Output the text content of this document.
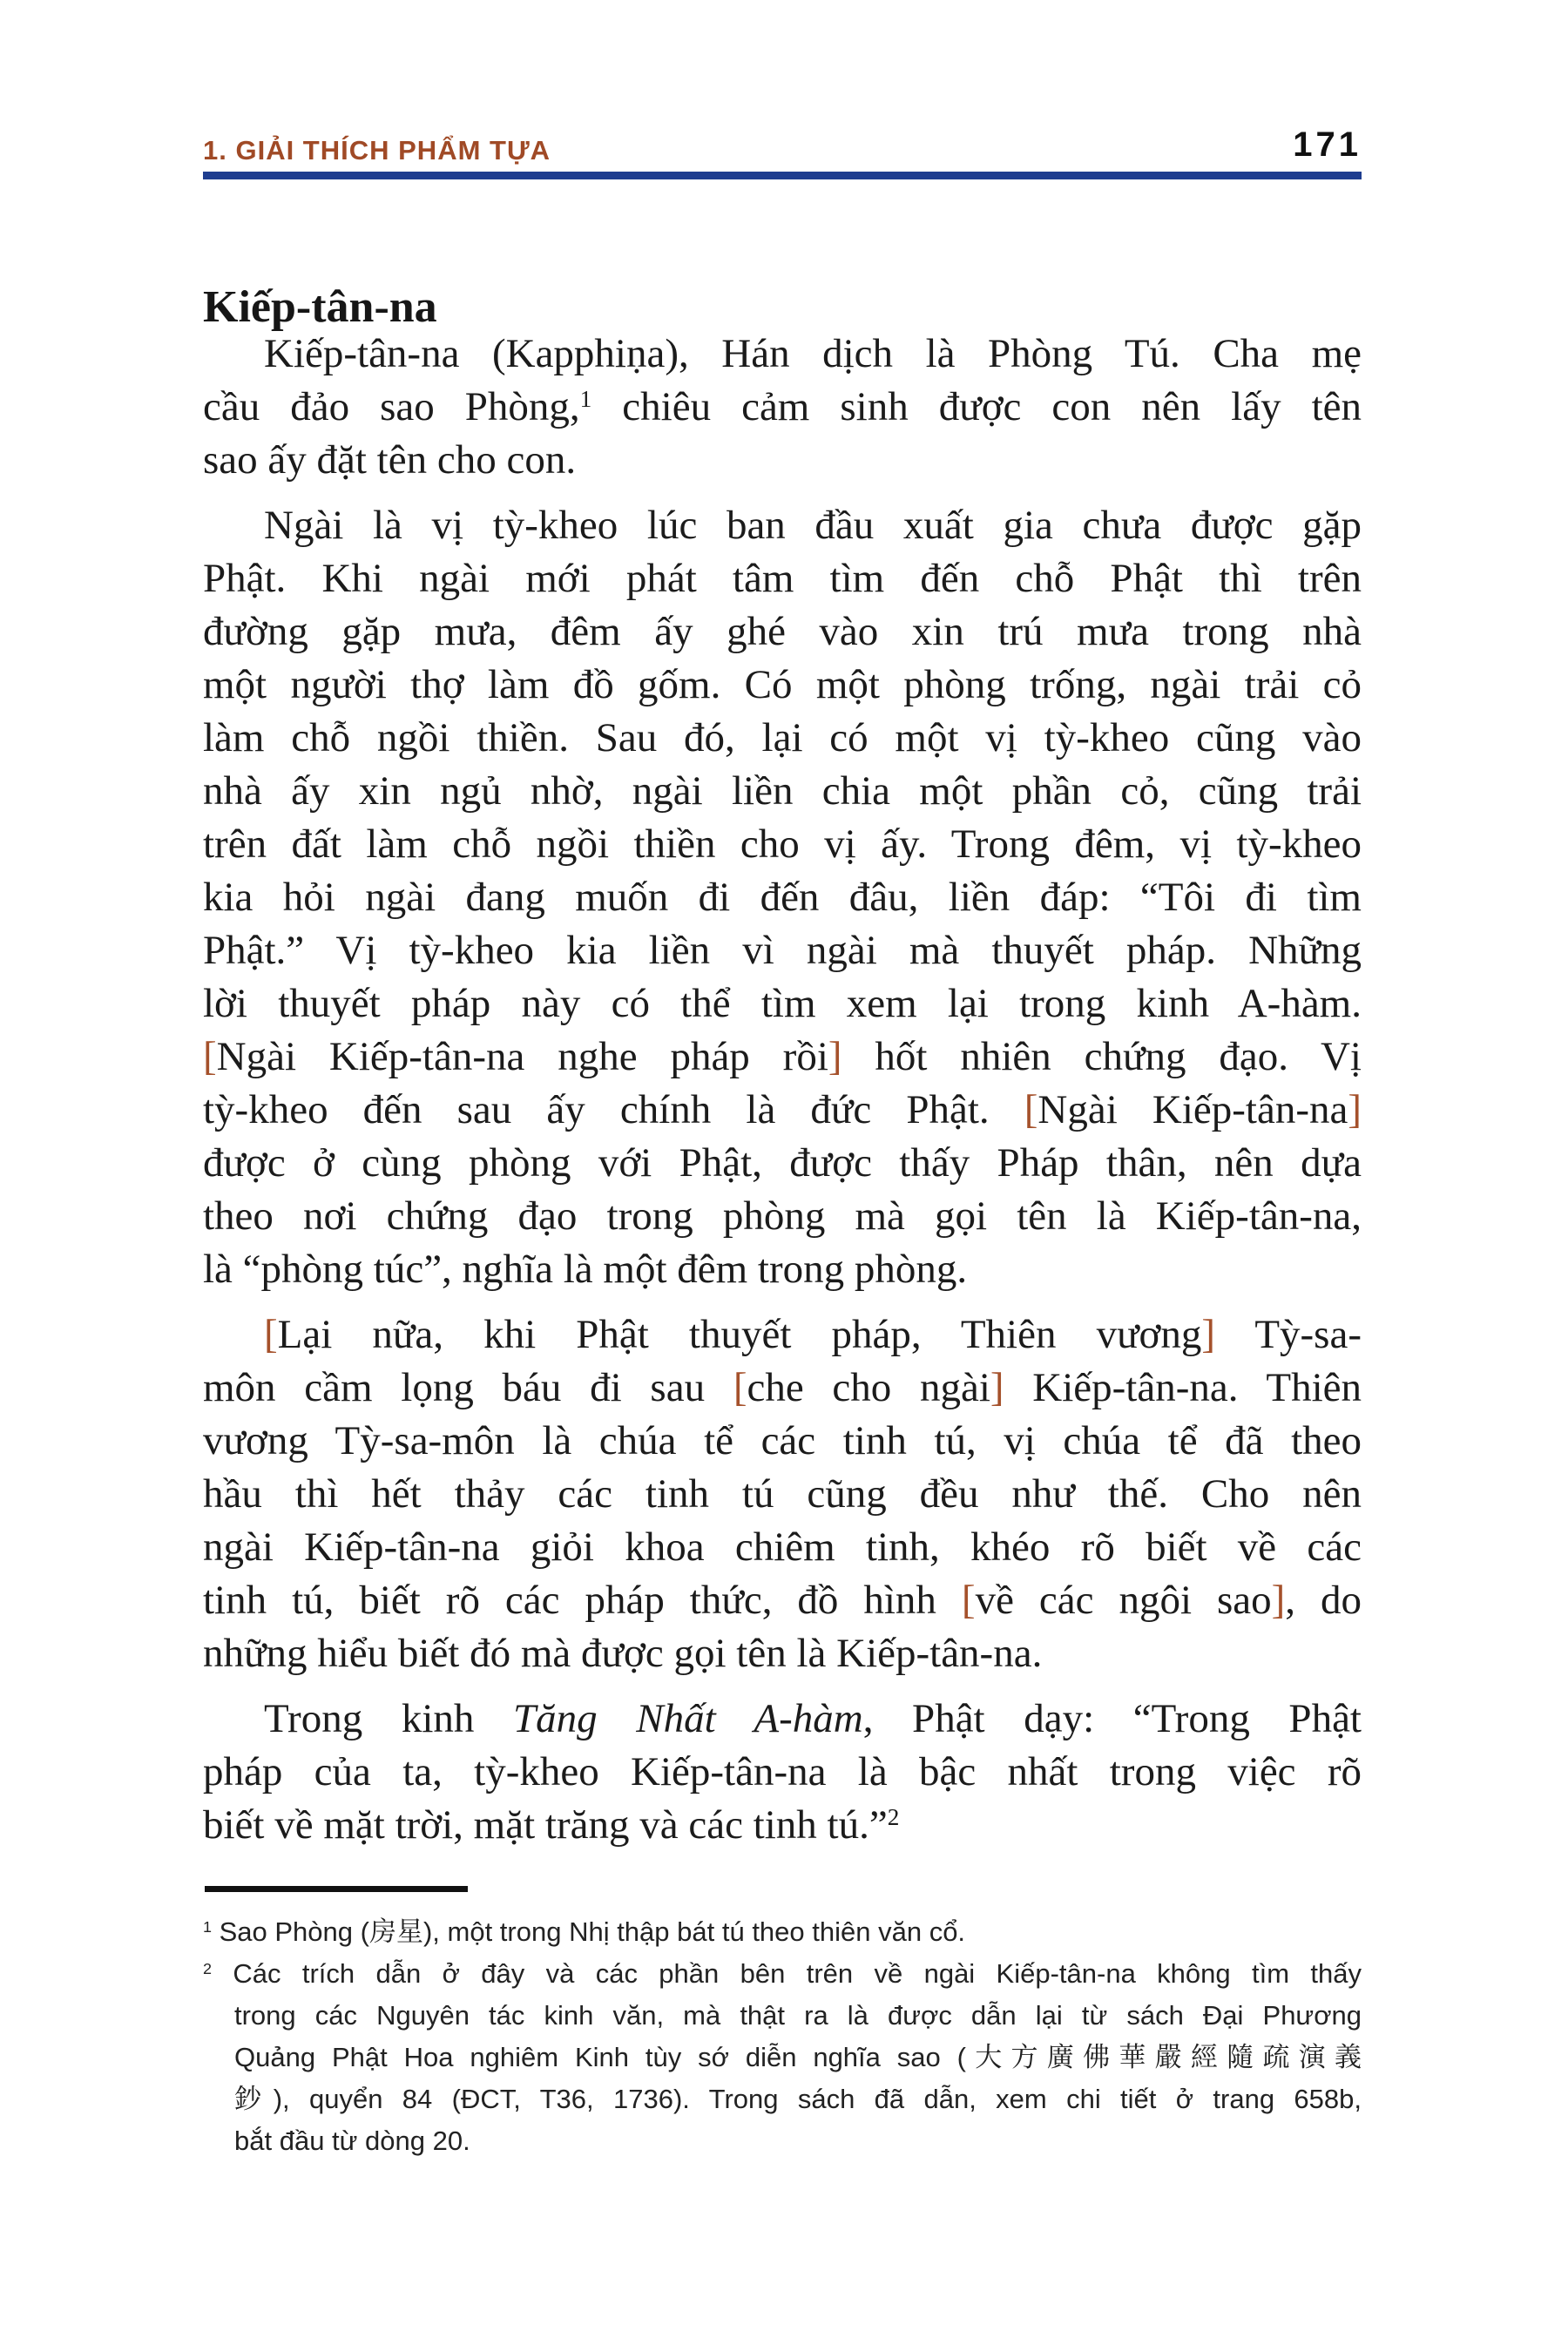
1. GIẢI THÍCH PHẨM TỰA	171
Kiếp-tân-na
Kiếp-tân-na (Kapphiṇa), Hán dịch là Phòng Tú. Cha mẹ
cầu đảo sao Phòng,$^1$ chiêu cảm sinh được con nên lấy tên
sao ấy đặt tên cho con.
Ngài là vị tỳ-kheo lúc ban đầu xuất gia chưa được gặp
Phật. Khi ngài mới phát tâm tìm đến chỗ Phật thì trên
đường gặp mưa, đêm ấy ghé vào xin trú mưa trong nhà
một người thợ làm đồ gốm. Có một phòng trống, ngài trải cỏ
làm chỗ ngồi thiền. Sau đó, lại có một vị tỳ-kheo cũng vào
nhà ấy xin ngủ nhờ, ngài liền chia một phần cỏ, cũng trải
trên đất làm chỗ ngồi thiền cho vị ấy. Trong đêm, vị tỳ-kheo
kia hỏi ngài đang muốn đi đến đâu, liền đáp: “Tôi đi tìm
Phật.” Vị tỳ-kheo kia liền vì ngài mà thuyết pháp. Những
lời thuyết pháp này có thể tìm xem lại trong kinh A-hàm.
[Ngài Kiếp-tân-na nghe pháp rồi] hốt nhiên chứng đạo. Vị
tỳ-kheo đến sau ấy chính là đức Phật. [Ngài Kiếp-tân-na]
được ở cùng phòng với Phật, được thấy Pháp thân, nên dựa
theo nơi chứng đạo trong phòng mà gọi tên là Kiếp-tân-na,
là “phòng túc”, nghĩa là một đêm trong phòng.
[Lại nữa, khi Phật thuyết pháp, Thiên vương] Tỳ-sa-
môn cầm lọng báu đi sau [che cho ngài] Kiếp-tân-na. Thiên
vương Tỳ-sa-môn là chúa tể các tinh tú, vị chúa tể đã theo
hầu thì hết thảy các tinh tú cũng đều như thế. Cho nên
ngài Kiếp-tân-na giỏi khoa chiêm tinh, khéo rõ biết về các
tinh tú, biết rõ các pháp thức, đồ hình [về các ngôi sao], do
những hiểu biết đó mà được gọi tên là Kiếp-tân-na.
Trong kinh Tăng Nhất A-hàm, Phật dạy: “Trong Phật
pháp của ta, tỳ-kheo Kiếp-tân-na là bậc nhất trong việc rõ
biết về mặt trời, mặt trăng và các tinh tú.”$^2$
$^1$ Sao Phòng (房星), một trong Nhị thập bát tú theo thiên văn cổ.
$^2$ Các trích dẫn ở đây và các phần bên trên về ngài Kiếp-tân-na không tìm thấy
trong các Nguyên tác kinh văn, mà thật ra là được dẫn lại từ sách Đại Phương
Quảng Phật Hoa nghiêm Kinh tùy sớ diễn nghĩa sao (大方廣佛華嚴經隨疏演義
鈔), quyển 84 (ĐCT, T36, 1736). Trong sách đã dẫn, xem chi tiết ở trang 658b,
bắt đầu từ dòng 20.
